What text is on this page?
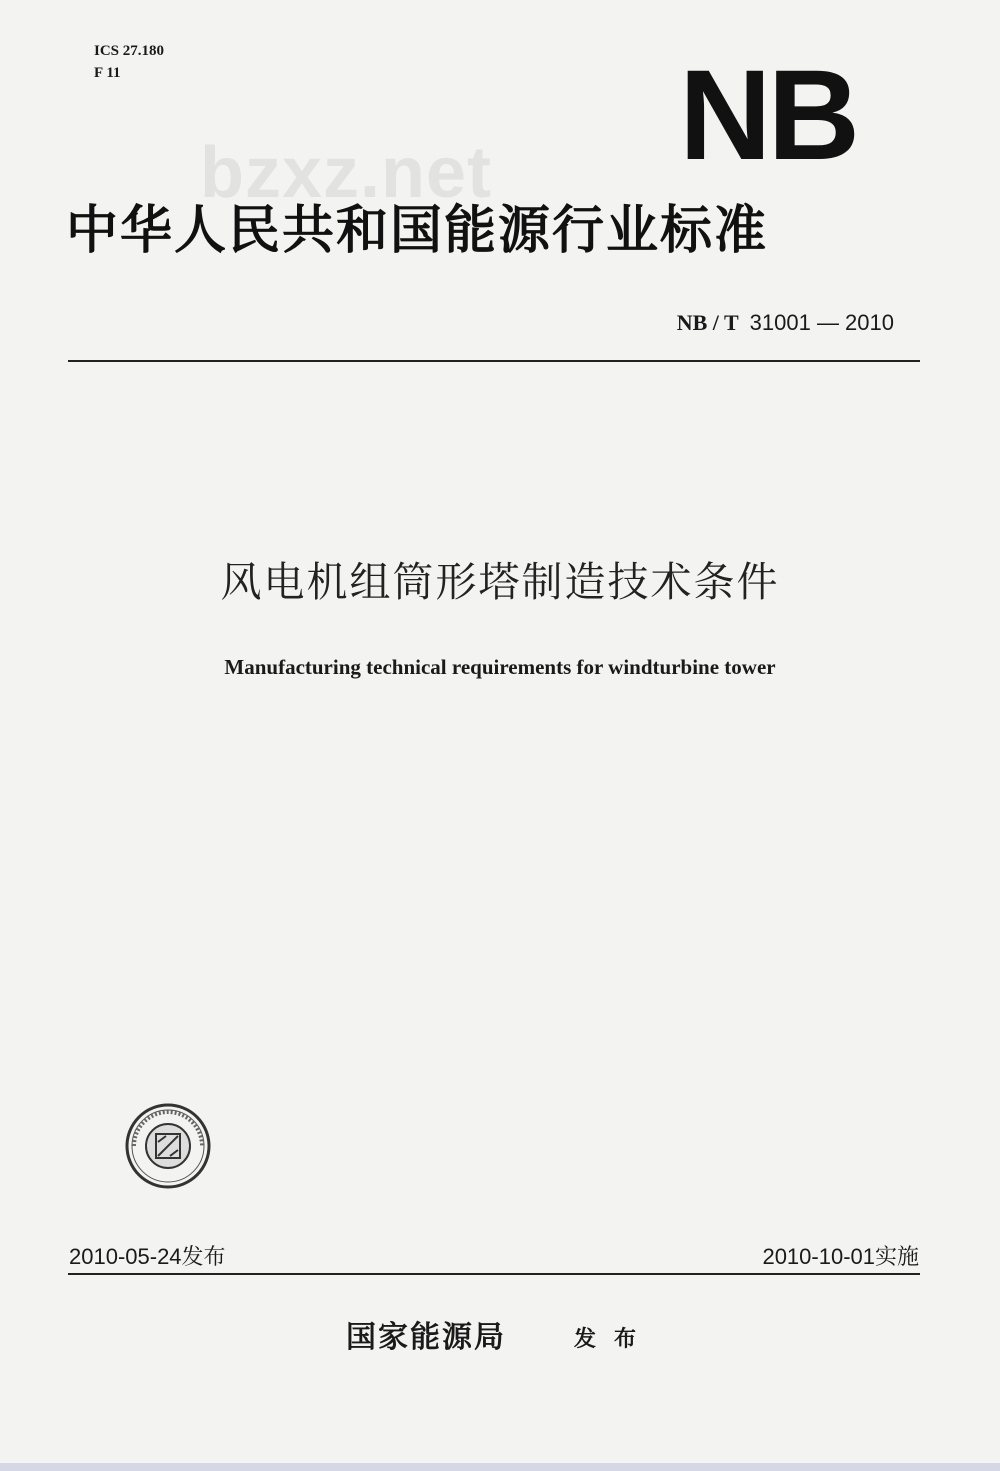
ICS 27.180
F 11
bzxz.net NB
中华人民共和国能源行业标准
NB / T 31001 — 2010
风电机组筒形塔制造技术条件
Manufacturing technical requirements for windturbine tower
2010-05-24发布	2010-10-01实施
国家能源局	发布
